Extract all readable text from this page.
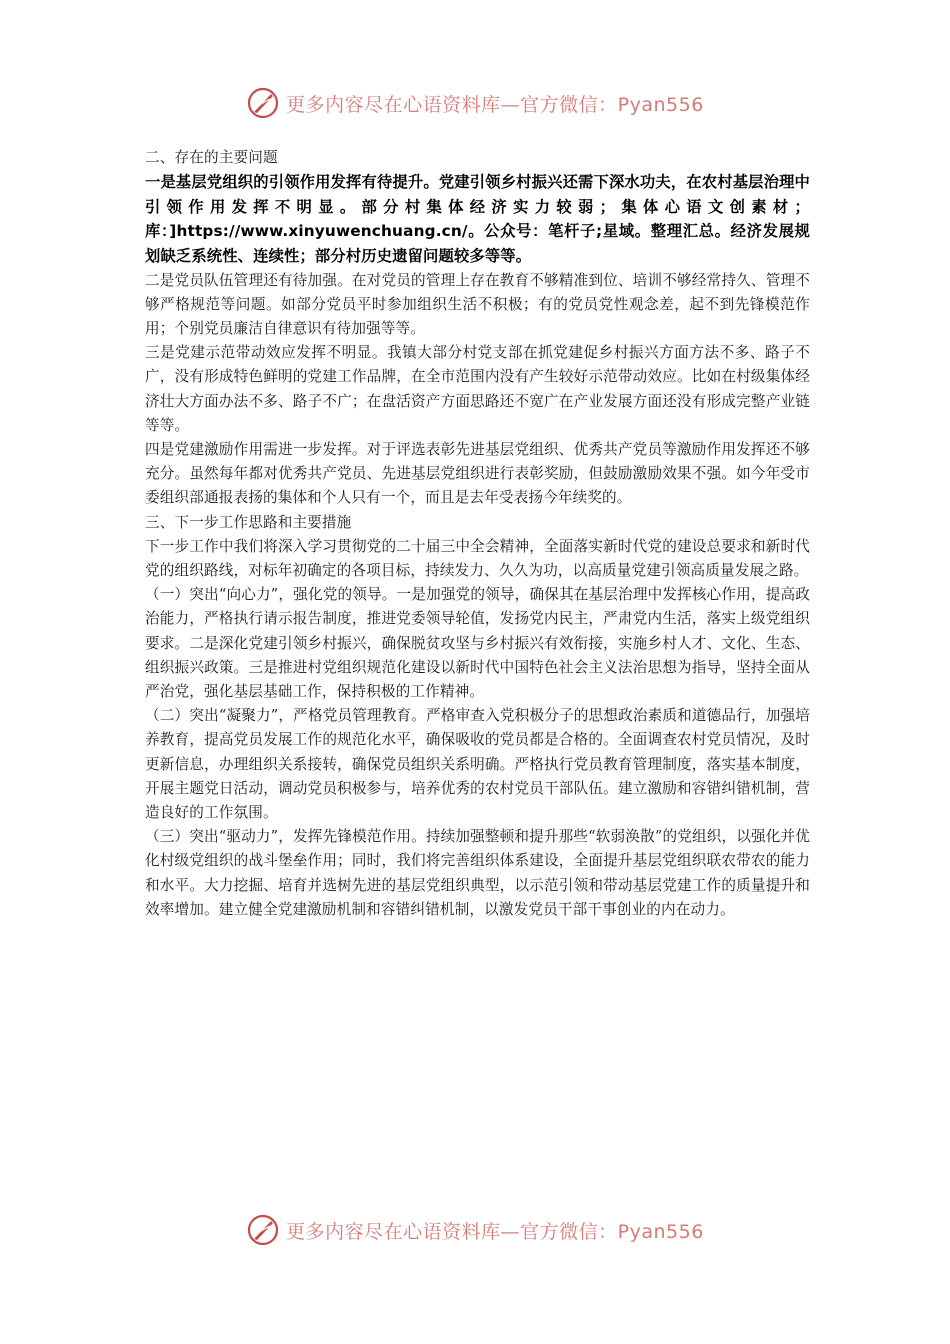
更多内容尽在心语资料库—官方微信：Pyan556

二、存在的主要问题

一是基层党组织的引领作用发挥有待提升。党建引领乡村振兴还需下深水功夫，在农村基层治理中引领作用发挥不明显。部分村集体经济实力较弱；集体心语文创素材；库：]https://www.xinyuwenchuang.cn/。公众号：笔杆子;星域。整理汇总。经济发展规划缺乏系统性、连续性；部分村历史遗留问题较多等等。

二是党员队伍管理还有待加强。在对党员的管理上存在教育不够精准到位、培训不够经常持久、管理不够严格规范等问题。如部分党员平时参加组织生活不积极；有的党员党性观念差，起不到先锋模范作用；个别党员廉洁自律意识有待加强等等。

三是党建示范带动效应发挥不明显。我镇大部分村党支部在抓党建促乡村振兴方面方法不多、路子不广，没有形成特色鲜明的党建工作品牌，在全市范围内没有产生较好示范带动效应。比如在村级集体经济壮大方面办法不多、路子不广；在盘活资产方面思路还不宽广在产业发展方面还没有形成完整产业链等等。

四是党建激励作用需进一步发挥。对于评选表彰先进基层党组织、优秀共产党员等激励作用发挥还不够充分。虽然每年都对优秀共产党员、先进基层党组织进行表彰奖励，但鼓励激励效果不强。如今年受市委组织部通报表扬的集体和个人只有一个，而且是去年受表扬今年续奖的。

三、下一步工作思路和主要措施

下一步工作中我们将深入学习贯彻党的二十届三中全会精神，全面落实新时代党的建设总要求和新时代党的组织路线，对标年初确定的各项目标，持续发力、久久为功，以高质量党建引领高质量发展之路。

（一）突出“向心力”，强化党的领导。一是加强党的领导，确保其在基层治理中发挥核心作用，提高政治能力，严格执行请示报告制度，推进党委领导轮值，发扬党内民主，严肃党内生活，落实上级党组织要求。二是深化党建引领乡村振兴，确保脱贫攻坚与乡村振兴有效衔接，实施乡村人才、文化、生态、组织振兴政策。三是推进村党组织规范化建设以新时代中国特色社会主义法治思想为指导，坚持全面从严治党，强化基层基础工作，保持积极的工作精神。

（二）突出“凝聚力”，严格党员管理教育。严格审查入党积极分子的思想政治素质和道德品行，加强培养教育，提高党员发展工作的规范化水平，确保吸收的党员都是合格的。全面调查农村党员情况，及时更新信息，办理组织关系接转，确保党员组织关系明确。严格执行党员教育管理制度，落实基本制度，开展主题党日活动，调动党员积极参与，培养优秀的农村党员干部队伍。建立激励和容错纠错机制，营造良好的工作氛围。

（三）突出“驱动力”，发挥先锋模范作用。持续加强整顿和提升那些“软弱涣散”的党组织，以强化并优化村级党组织的战斗堡垒作用；同时，我们将完善组织体系建设，全面提升基层党组织联农带农的能力和水平。大力挖掘、培育并选树先进的基层党组织典型，以示范引领和带动基层党建工作的质量提升和效率增加。建立健全党建激励机制和容错纠错机制，以激发党员干部干事创业的内在动力。

更多内容尽在心语资料库—官方微信：Pyan556
